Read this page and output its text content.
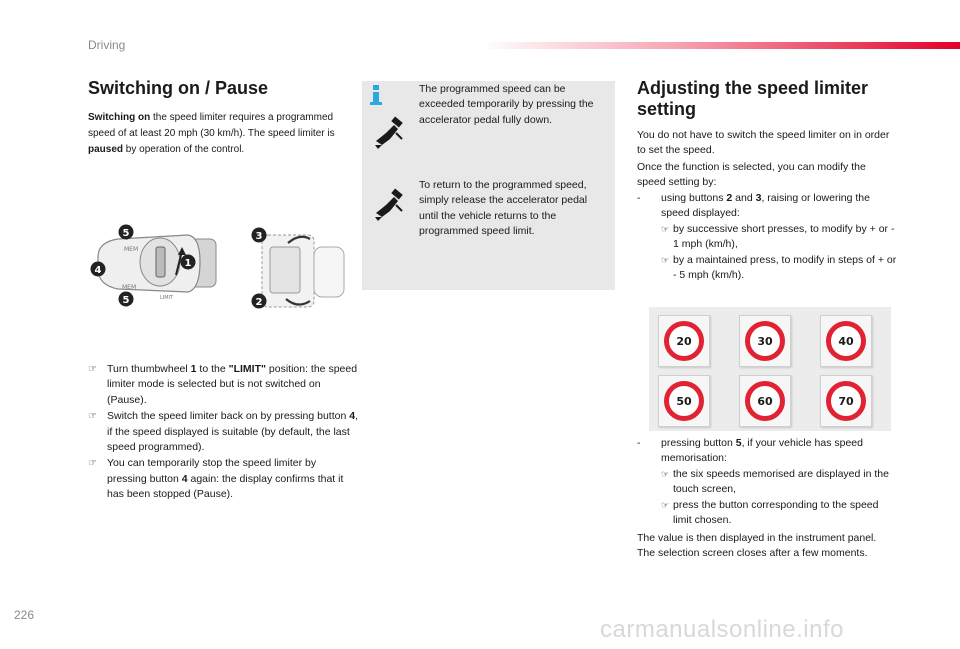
Driving
Switching on / Pause
Switching on the speed limiter requires a programmed speed of at least 20 mph (30 km/h). The speed limiter is paused by operation of the control.
MEM
MEM
LIMIT
5
1
4
5
3
2
☞ Turn thumbwheel 1 to the "LIMIT" position: the speed limiter mode is selected but is not switched on (Pause).
☞ Switch the speed limiter back on by pressing button 4, if the speed displayed is suitable (by default, the last speed programmed).
☞ You can temporarily stop the speed limiter by pressing button 4 again: the display confirms that it has been stopped (Pause).
The programmed speed can be exceeded temporarily by pressing the accelerator pedal fully down.
To return to the programmed speed, simply release the accelerator pedal until the vehicle returns to the programmed speed limit.
Adjusting the speed limiter setting
You do not have to switch the speed limiter on in order to set the speed.
Once the function is selected, you can modify the speed setting by:
- using buttons 2 and 3, raising or lowering the speed displayed:
☞ by successive short presses, to modify by + or - 1 mph (km/h),
☞ by a maintained press, to modify in steps of + or - 5 mph (km/h).
20	30	40
50	60	70
- pressing button 5, if your vehicle has speed memorisation:
☞ the six speeds memorised are displayed in the touch screen,
☞ press the button corresponding to the speed limit chosen.
The value is then displayed in the instrument panel.
The selection screen closes after a few moments.
226
carmanualsonline.info
